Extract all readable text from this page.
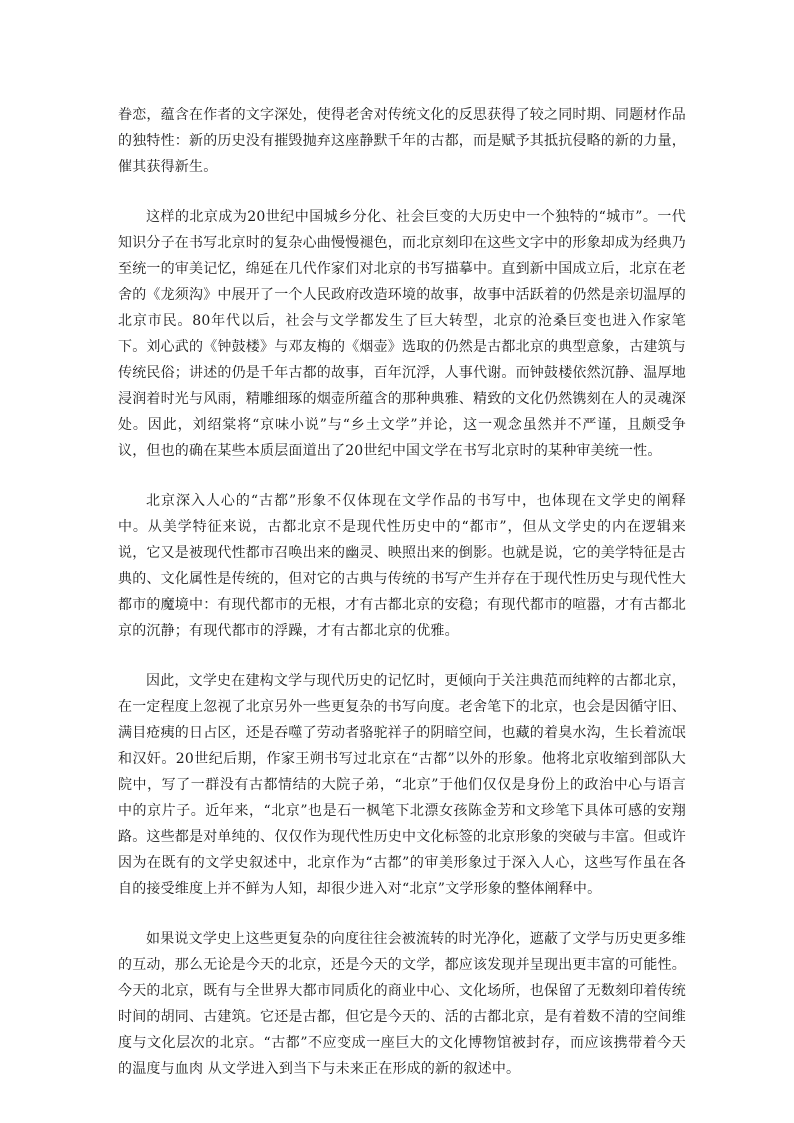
眷恋，蕴含在作者的文字深处，使得老舍对传统文化的反思获得了较之同时期、同题材作品的独特性：新的历史没有摧毁抛弃这座静默千年的古都，而是赋予其抵抗侵略的新的力量，催其获得新生。

这样的北京成为20世纪中国城乡分化、社会巨变的大历史中一个独特的“城市”。一代知识分子在书写北京时的复杂心曲慢慢褪色，而北京刻印在这些文字中的形象却成为经典乃至统一的审美记忆，绵延在几代作家们对北京的书写描摹中。直到新中国成立后，北京在老舍的《龙须沟》中展开了一个人民政府改造环境的故事，故事中活跃着的仍然是亲切温厚的北京市民。80年代以后，社会与文学都发生了巨大转型，北京的沧桑巨变也进入作家笔下。刘心武的《钟鼓楼》与邓友梅的《烟壶》选取的仍然是古都北京的典型意象，古建筑与传统民俗；讲述的仍是千年古都的故事，百年沉浮，人事代谢。而钟鼓楼依然沉静、温厚地浸润着时光与风雨，精雕细琢的烟壶所蕴含的那种典雅、精致的文化仍然镌刻在人的灵魂深处。因此，刘绍棠将“京味小说”与“乡土文学”并论，这一观念虽然并不严谨，且颇受争议，但也的确在某些本质层面道出了20世纪中国文学在书写北京时的某种审美统一性。

北京深入人心的“古都”形象不仅体现在文学作品的书写中，也体现在文学史的阐释中。从美学特征来说，古都北京不是现代性历史中的“都市”，但从文学史的内在逻辑来说，它又是被现代性都市召唤出来的幽灵、映照出来的倒影。也就是说，它的美学特征是古典的、文化属性是传统的，但对它的古典与传统的书写产生并存在于现代性历史与现代性大都市的魔境中：有现代都市的无根，才有古都北京的安稳；有现代都市的喧嚣，才有古都北京的沉静；有现代都市的浮躁，才有古都北京的优雅。

因此，文学史在建构文学与现代历史的记忆时，更倾向于关注典范而纯粹的古都北京，在一定程度上忽视了北京另外一些更复杂的书写向度。老舍笔下的北京，也会是因循守旧、满目疮痍的日占区，还是吞噬了劳动者骆驼祥子的阴暗空间，也藏的着臭水沟，生长着流氓和汉奸。20世纪后期，作家王朔书写过北京在“古都”以外的形象。他将北京收缩到部队大院中，写了一群没有古都情结的大院子弟，“北京”于他们仅仅是身份上的政治中心与语言中的京片子。近年来，“北京”也是石一枫笔下北漂女孩陈金芳和文珍笔下具体可感的安翔路。这些都是对单纯的、仅仅作为现代性历史中文化标签的北京形象的突破与丰富。但或许因为在既有的文学史叙述中，北京作为“古都”的审美形象过于深入人心，这些写作虽在各自的接受维度上并不鲜为人知，却很少进入对“北京”文学形象的整体阐释中。

如果说文学史上这些更复杂的向度往往会被流转的时光净化，遮蔽了文学与历史更多维的互动，那么无论是今天的北京，还是今天的文学，都应该发现并呈现出更丰富的可能性。今天的北京，既有与全世界大都市同质化的商业中心、文化场所，也保留了无数刻印着传统时间的胡同、古建筑。它还是古都，但它是今天的、活的古都北京，是有着数不清的空间维度与文化层次的北京。“古都”不应变成一座巨大的文化博物馆被封存，而应该携带着今天的温度与血肉 从文学进入到当下与未来正在形成的新的叙述中。
